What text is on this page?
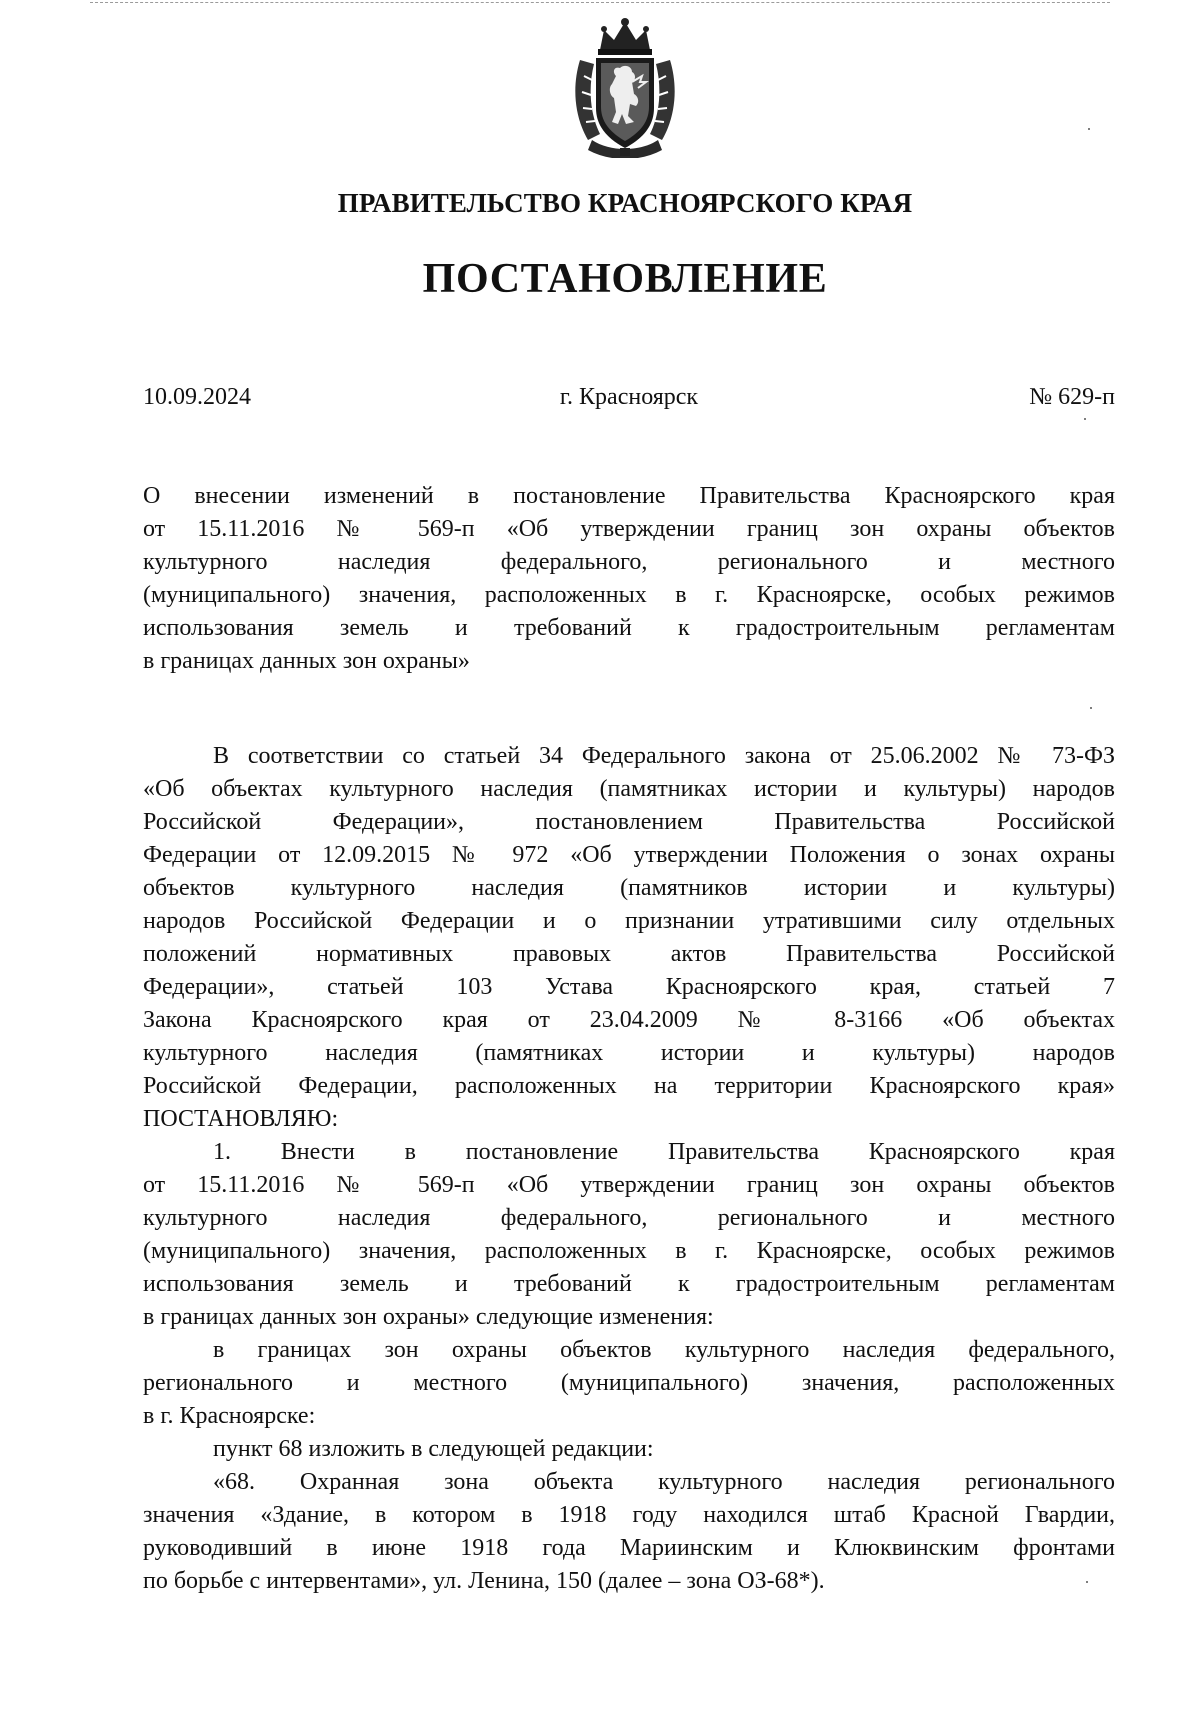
ПРАВИТЕЛЬСТВО КРАСНОЯРСКОГО КРАЯ
ПОСТАНОВЛЕНИЕ
10.09.2024	г. Красноярск	№ 629-п
О внесении изменений в постановление Правительства Красноярского края
от 15.11.2016 № 569-п «Об утверждении границ зон охраны объектов
культурного наследия федерального, регионального и местного
(муниципального) значения, расположенных в г. Красноярске, особых режимов
использования земель и требований к градостроительным регламентам
в границах данных зон охраны»
В соответствии со статьей 34 Федерального закона от 25.06.2002 № 73-ФЗ
«Об объектах культурного наследия (памятниках истории и культуры) народов
Российской Федерации», постановлением Правительства Российской
Федерации от 12.09.2015 № 972 «Об утверждении Положения о зонах охраны
объектов культурного наследия (памятников истории и культуры)
народов Российской Федерации и о признании утратившими силу отдельных
положений нормативных правовых актов Правительства Российской
Федерации», статьей 103 Устава Красноярского края, статьей 7
Закона Красноярского края от 23.04.2009 № 8-3166 «Об объектах
культурного наследия (памятниках истории и культуры) народов
Российской Федерации, расположенных на территории Красноярского края»
ПОСТАНОВЛЯЮ:
1. Внести в постановление Правительства Красноярского края
от 15.11.2016 № 569-п «Об утверждении границ зон охраны объектов
культурного наследия федерального, регионального и местного
(муниципального) значения, расположенных в г. Красноярске, особых режимов
использования земель и требований к градостроительным регламентам
в границах данных зон охраны» следующие изменения:
в границах зон охраны объектов культурного наследия федерального,
регионального и местного (муниципального) значения, расположенных
в г. Красноярске:
пункт 68 изложить в следующей редакции:
«68. Охранная зона объекта культурного наследия регионального
значения «Здание, в котором в 1918 году находился штаб Красной Гвардии,
руководивший в июне 1918 года Мариинским и Клюквинским фронтами
по борьбе с интервентами», ул. Ленина, 150 (далее – зона ОЗ-68*).
